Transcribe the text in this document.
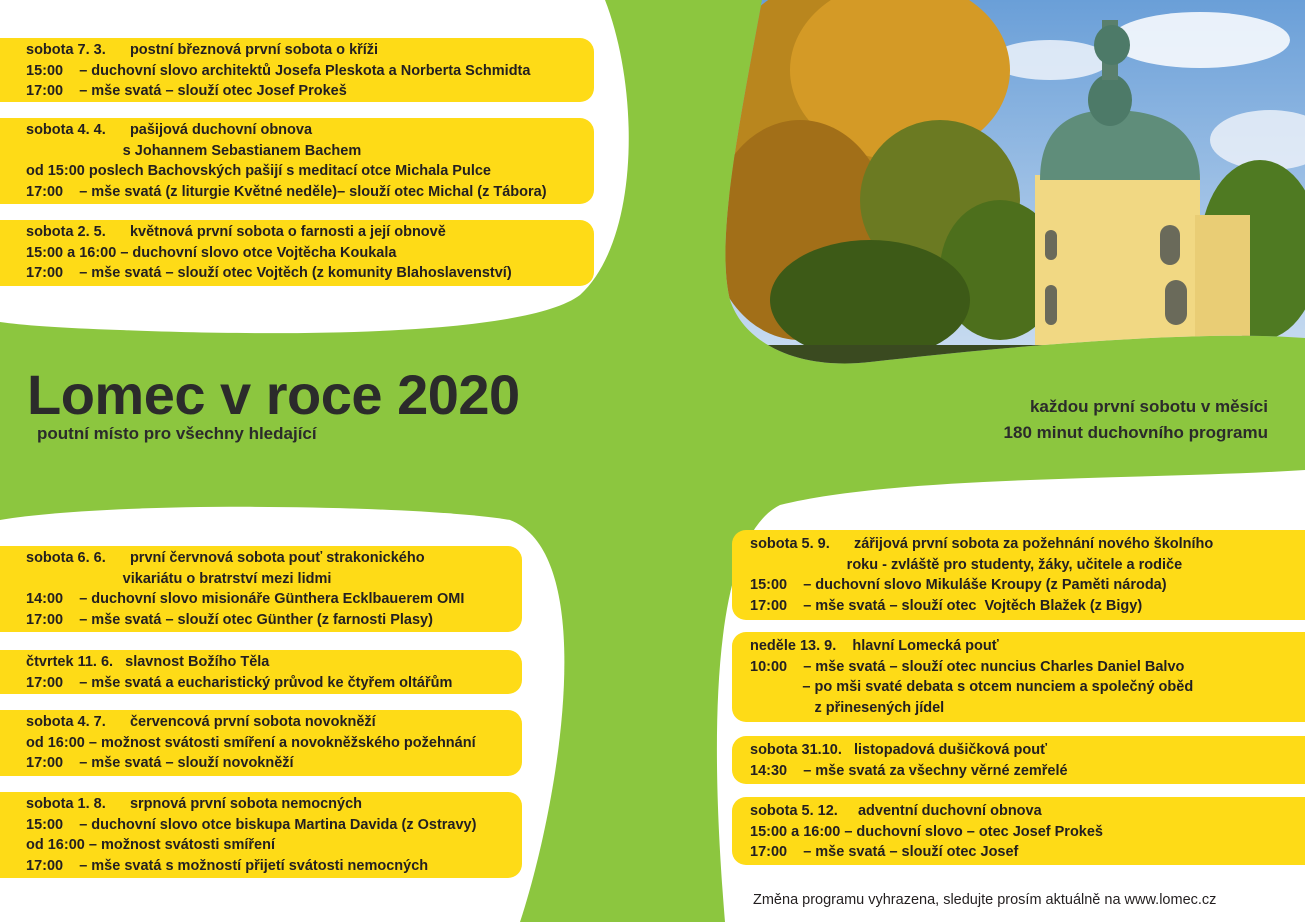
sobota 7. 3.      postní březnová první sobota o kříži
15:00    – duchovní slovo architektů Josefa Pleskota a Norberta Schmidta
17:00    – mše svatá – slouží otec Josef Prokeš
sobota 4. 4.      pašijová duchovní obnova
s Johannem Sebastianem Bachem
od 15:00 poslech Bachovských pašijí s meditací otce Michala Pulce
17:00    – mše svatá (z liturgie Květné neděle)– slouží otec Michal (z Tábora)
sobota 2. 5.      květnová první sobota o farnosti a její obnově
15:00 a 16:00 – duchovní slovo otce Vojtěcha Koukala
17:00    – mše svatá – slouží otec Vojtěch (z komunity Blahoslavenství)
Lomec v roce 2020
poutní místo pro všechny hledající
každou první sobotu v měsíci
180 minut duchovního programu
sobota 6. 6.      první červnová sobota pouť strakonického
vikariátu o bratrství mezi lidmi
14:00    – duchovní slovo misionáře Günthera Ecklbauerem OMI
17:00    – mše svatá – slouží otec Günther (z farnosti Plasy)
čtvrtek 11. 6.   slavnost Božího Těla
17:00    – mše svatá a eucharistický průvod ke čtyřem oltářům
sobota 4. 7.      červencová první sobota novokněží
od 16:00 – možnost svátosti smíření a novokněžského požehnání
17:00    – mše svatá – slouží novokněží
sobota 1. 8.      srpnová první sobota nemocných
15:00    – duchovní slovo otce biskupa Martina Davida (z Ostravy)
od 16:00 – možnost svátosti smíření
17:00    – mše svatá s možností přijetí svátosti nemocných
sobota 5. 9.      zářijová první sobota za požehnání nového školního
roku - zvláště pro studenty, žáky, učitele a rodiče
15:00    – duchovní slovo Mikuláše Kroupy (z Paměti národa)
17:00    – mše svatá – slouží otec  Vojtěch Blažek (z Bigy)
neděle 13. 9.    hlavní Lomecká pouť
10:00    – mše svatá – slouží otec nuncius Charles Daniel Balvo
– po mši svaté debata s otcem nunciem a společný oběd
z přinesených jídel
sobota 31.10.   listopadová dušičková pouť
14:30    – mše svatá za všechny věrné zemřelé
sobota 5. 12.     adventní duchovní obnova
15:00 a 16:00 – duchovní slovo – otec Josef Prokeš
17:00    – mše svatá – slouží otec Josef
Změna programu vyhrazena, sledujte prosím aktuálně na www.lomec.cz
